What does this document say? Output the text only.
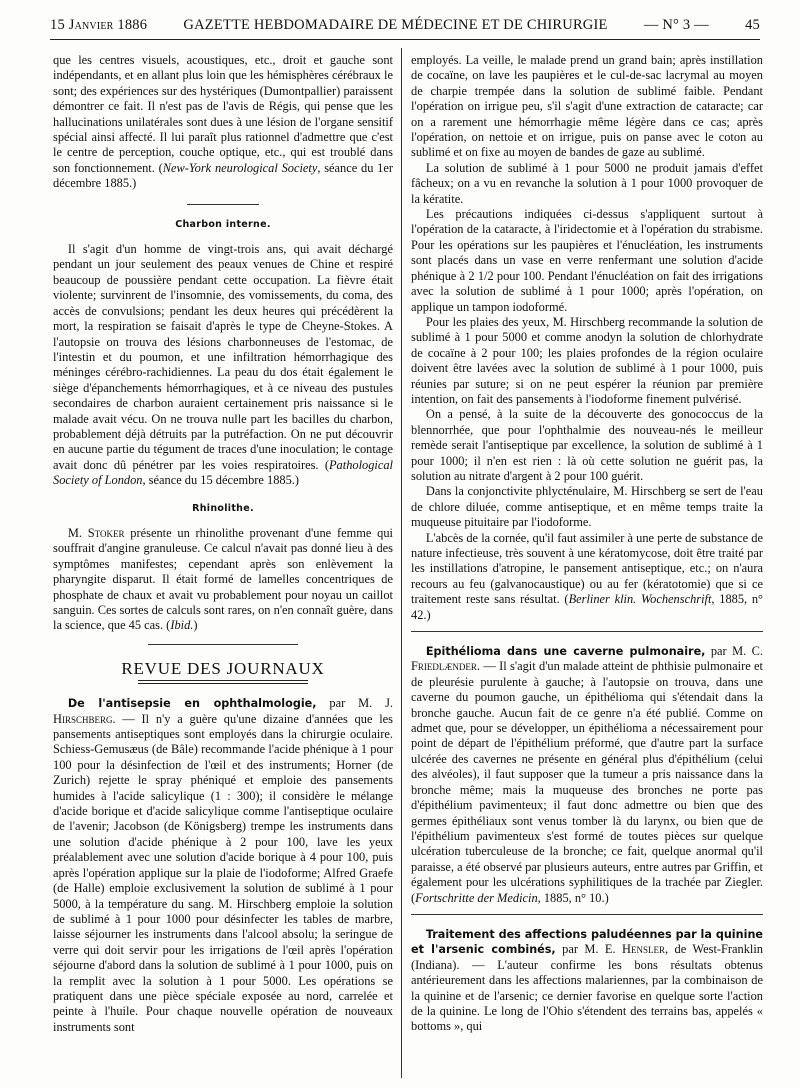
15 Janvier 1886	GAZETTE HEBDOMADAIRE DE MÉDECINE ET DE CHIRURGIE	— N° 3 —	45

que les centres visuels, acoustiques, etc., droit et gauche sont indépendants, et en allant plus loin que les hémisphères cérébraux le sont; des expériences sur des hystériques (Dumontpallier) paraissent démontrer ce fait. Il n'est pas de l'avis de Régis, qui pense que les hallucinations unilatérales sont dues à une lésion de l'organe sensitif spécial ainsi affecté. Il lui paraît plus rationnel d'admettre que c'est le centre de perception, couche optique, etc., qui est troublé dans son fonctionnement. (New-York neurological Society, séance du 1er décembre 1885.)

Charbon interne.

Il s'agit d'un homme de vingt-trois ans, qui avait déchargé pendant un jour seulement des peaux venues de Chine et respiré beaucoup de poussière pendant cette occupation. La fièvre était violente; survinrent de l'insomnie, des vomissements, du coma, des accès de convulsions; pendant les deux heures qui précédèrent la mort, la respiration se faisait d'après le type de Cheyne-Stokes. A l'autopsie on trouva des lésions charbonneuses de l'estomac, de l'intestin et du poumon, et une infiltration hémorrhagique des méninges cérébro-rachidiennes. La peau du dos était également le siège d'épanchements hémorrhagiques, et à ce niveau des pustules secondaires de charbon auraient certainement pris naissance si le malade avait vécu. On ne trouva nulle part les bacilles du charbon, probablement déjà détruits par la putréfaction. On ne put découvrir en aucune partie du tégument de traces d'une inoculation; le contage avait donc dû pénétrer par les voies respiratoires. (Pathological Society of London, séance du 15 décembre 1885.)

Rhinolithe.

M. Stoker présente un rhinolithe provenant d'une femme qui souffrait d'angine granuleuse. Ce calcul n'avait pas donné lieu à des symptômes manifestes; cependant après son enlèvement la pharyngite disparut. Il était formé de lamelles concentriques de phosphate de chaux et avait vu probablement pour noyau un caillot sanguin. Ces sortes de calculs sont rares, on n'en connaît guère, dans la science, que 45 cas. (Ibid.)

REVUE DES JOURNAUX

De l'antisepsie en ophthalmologie, par M. J. Hirschberg. — Il n'y a guère qu'une dizaine d'années que les pansements antiseptiques sont employés dans la chirurgie oculaire. Schiess-Gemusæus (de Bâle) recommande l'acide phénique à 1 pour 100 pour la désinfection de l'œil et des instruments; Horner (de Zurich) rejette le spray phéniqué et emploie des pansements humides à l'acide salicylique (1 : 300); il considère le mélange d'acide borique et d'acide salicylique comme l'antiseptique oculaire de l'avenir; Jacobson (de Königsberg) trempe les instruments dans une solution d'acide phénique à 2 pour 100, lave les yeux préalablement avec une solution d'acide borique à 4 pour 100, puis après l'opération applique sur la plaie de l'iodoforme; Alfred Graefe (de Halle) emploie exclusivement la solution de sublimé à 1 pour 5000, à la température du sang. M. Hirschberg emploie la solution de sublimé à 1 pour 1000 pour désinfecter les tables de marbre, laisse séjourner les instruments dans l'alcool absolu; la seringue de verre qui doit servir pour les irrigations de l'œil après l'opération séjourne d'abord dans la solution de sublimé à 1 pour 1000, puis on la remplit avec la solution à 1 pour 5000. Les opérations se pratiquent dans une pièce spéciale exposée au nord, carrelée et peinte à l'huile. Pour chaque nouvelle opération de nouveaux instruments sont

employés. La veille, le malade prend un grand bain; après instillation de cocaïne, on lave les paupières et le cul-de-sac lacrymal au moyen de charpie trempée dans la solution de sublimé faible. Pendant l'opération on irrigue peu, s'il s'agit d'une extraction de cataracte; car on a rarement une hémorrhagie même légère dans ce cas; après l'opération, on nettoie et on irrigue, puis on panse avec le coton au sublimé et on fixe au moyen de bandes de gaze au sublimé.

La solution de sublimé à 1 pour 5000 ne produit jamais d'effet fâcheux; on a vu en revanche la solution à 1 pour 1000 provoquer de la kératite.

Les précautions indiquées ci-dessus s'appliquent surtout à l'opération de la cataracte, à l'iridectomie et à l'opération du strabisme. Pour les opérations sur les paupières et l'énucléation, les instruments sont placés dans un vase en verre renfermant une solution d'acide phénique à 2 1/2 pour 100. Pendant l'énucléation on fait des irrigations avec la solution de sublimé à 1 pour 1000; après l'opération, on applique un tampon iodoformé.

Pour les plaies des yeux, M. Hirschberg recommande la solution de sublimé à 1 pour 5000 et comme anodyn la solution de chlorhydrate de cocaïne à 2 pour 100; les plaies profondes de la région oculaire doivent être lavées avec la solution de sublimé à 1 pour 1000, puis réunies par suture; si on ne peut espérer la réunion par première intention, on fait des pansements à l'iodoforme finement pulvérisé.

On a pensé, à la suite de la découverte des gonococcus de la blennorrhée, que pour l'ophthalmie des nouveau-nés le meilleur remède serait l'antiseptique par excellence, la solution de sublimé à 1 pour 1000; il n'en est rien : là où cette solution ne guérit pas, la solution au nitrate d'argent à 2 pour 100 guérit.

Dans la conjonctivite phlycténulaire, M. Hirschberg se sert de l'eau de chlore diluée, comme antiseptique, et en même temps traite la muqueuse pituitaire par l'iodoforme.

L'abcès de la cornée, qu'il faut assimiler à une perte de substance de nature infectieuse, très souvent à une kératomycose, doit être traité par les instillations d'atropine, le pansement antiseptique, etc.; on n'aura recours au feu (galvanocaustique) ou au fer (kératotomie) que si ce traitement reste sans résultat. (Berliner klin. Wochenschrift, 1885, n° 42.)

Epithélioma dans une caverne pulmonaire, par M. C. Friedlænder. — Il s'agit d'un malade atteint de phthisie pulmonaire et de pleurésie purulente à gauche; à l'autopsie on trouva, dans une caverne du poumon gauche, un épithélioma qui s'étendait dans la bronche gauche. Aucun fait de ce genre n'a été publié. Comme on admet que, pour se développer, un épithélioma a nécessairement pour point de départ de l'épithélium préformé, que d'autre part la surface ulcérée des cavernes ne présente en général plus d'épithélium (celui des alvéoles), il faut supposer que la tumeur a pris naissance dans la bronche même; mais la muqueuse des bronches ne porte pas d'épithélium pavimenteux; il faut donc admettre ou bien que des germes épithéliaux sont venus tomber là du larynx, ou bien que de l'épithélium pavimenteux s'est formé de toutes pièces sur quelque ulcération tuberculeuse de la bronche; ce fait, quelque anormal qu'il paraisse, a été observé par plusieurs auteurs, entre autres par Griffin, et également pour les ulcérations syphilitiques de la trachée par Ziegler. (Fortschritte der Medicin, 1885, n° 10.)

Traitement des affections paludéennes par la quinine et l'arsenic combinés, par M. E. Hensler, de West-Franklin (Indiana). — L'auteur confirme les bons résultats obtenus antérieurement dans les affections malariennes, par la combinaison de la quinine et de l'arsenic; ce dernier favorise en quelque sorte l'action de la quinine. Le long de l'Ohio s'étendent des terrains bas, appelés « bottoms », qui
